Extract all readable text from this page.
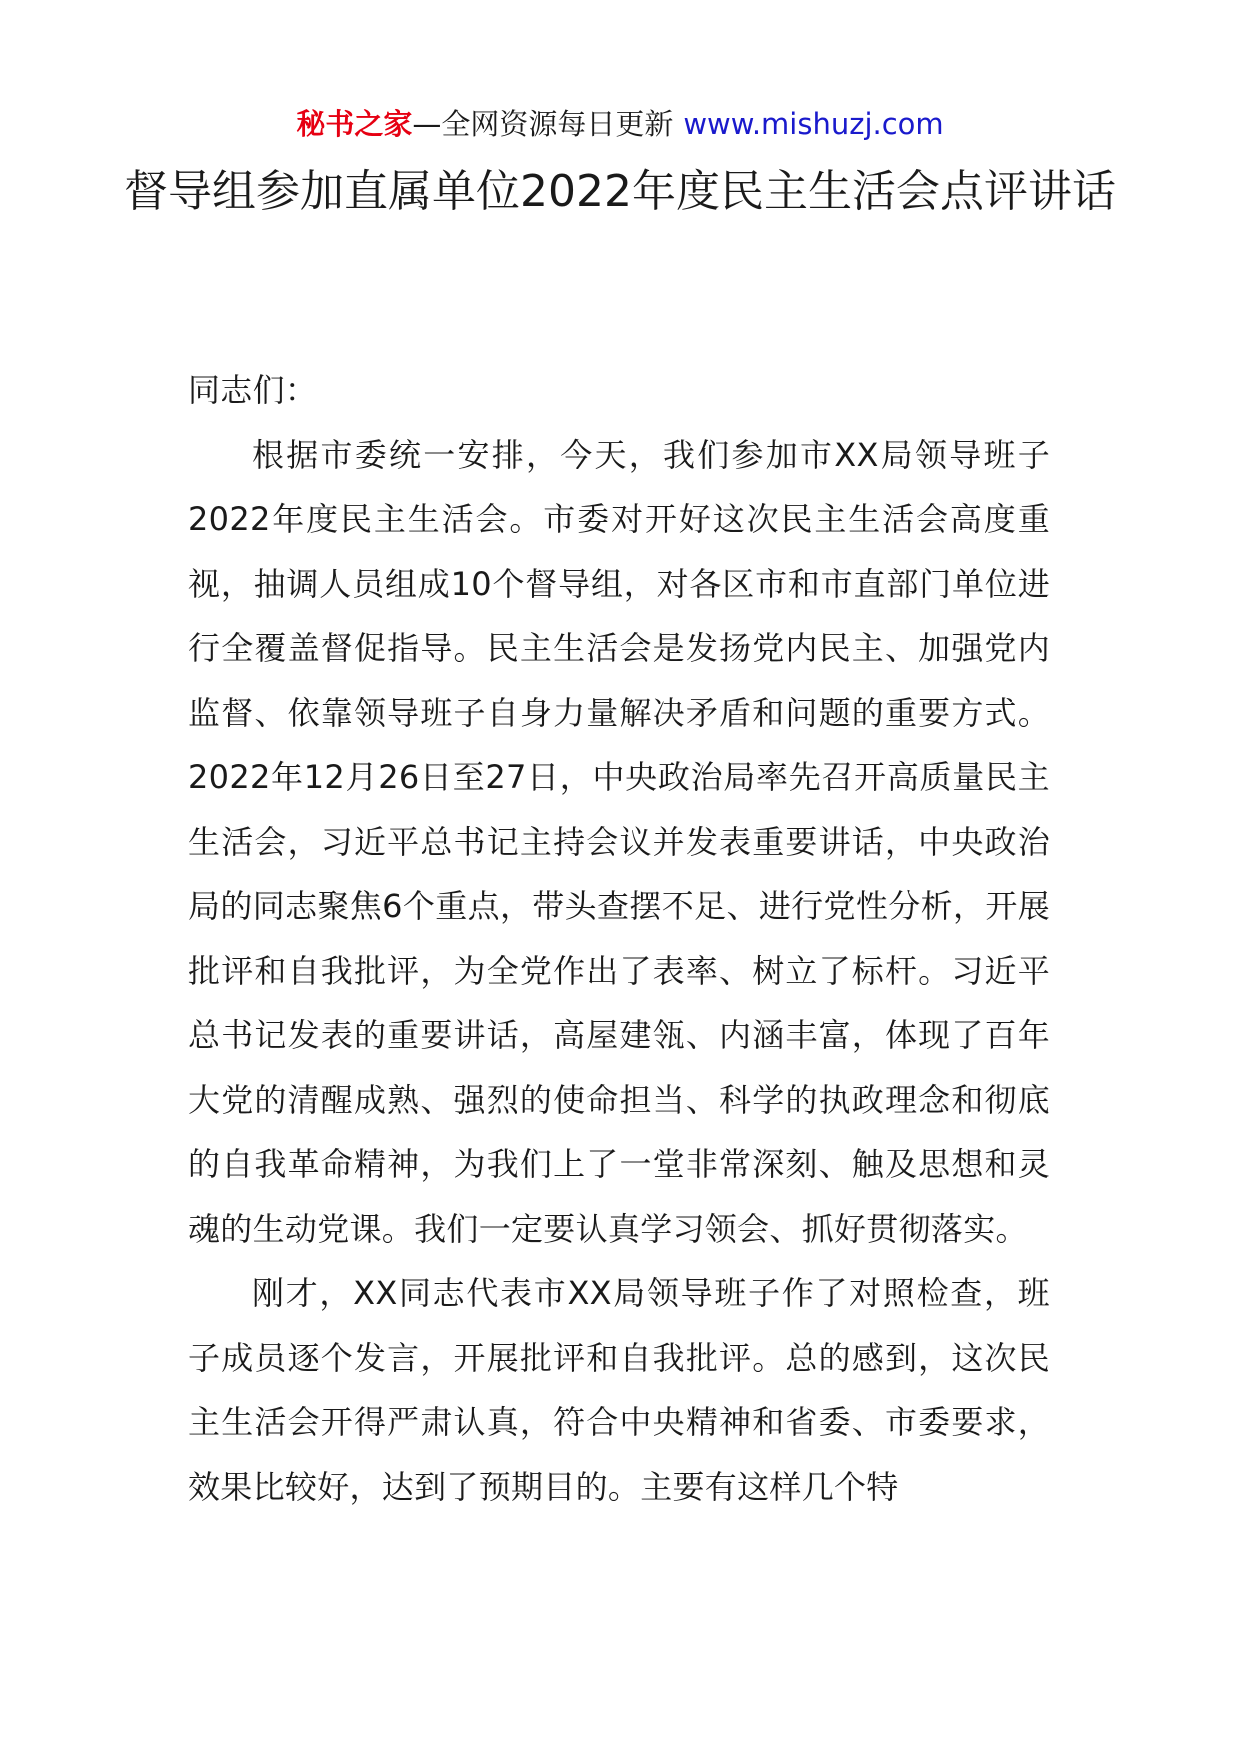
秘书之家—全网资源每日更新 www.mishuzj.com
督导组参加直属单位2022年度民主生活会点评讲话

同志们：

根据市委统一安排，今天，我们参加市XX局领导班子2022年度民主生活会。市委对开好这次民主生活会高度重视，抽调人员组成10个督导组，对各区市和市直部门单位进行全覆盖督促指导。民主生活会是发扬党内民主、加强党内监督、依靠领导班子自身力量解决矛盾和问题的重要方式。2022年12月26日至27日，中央政治局率先召开高质量民主生活会，习近平总书记主持会议并发表重要讲话，中央政治局的同志聚焦6个重点，带头查摆不足、进行党性分析，开展批评和自我批评，为全党作出了表率、树立了标杆。习近平总书记发表的重要讲话，高屋建瓴、内涵丰富，体现了百年大党的清醒成熟、强烈的使命担当、科学的执政理念和彻底的自我革命精神，为我们上了一堂非常深刻、触及思想和灵魂的生动党课。我们一定要认真学习领会、抓好贯彻落实。

刚才，XX同志代表市XX局领导班子作了对照检查，班子成员逐个发言，开展批评和自我批评。总的感到，这次民主生活会开得严肃认真，符合中央精神和省委、市委要求，效果比较好，达到了预期目的。主要有这样几个特
